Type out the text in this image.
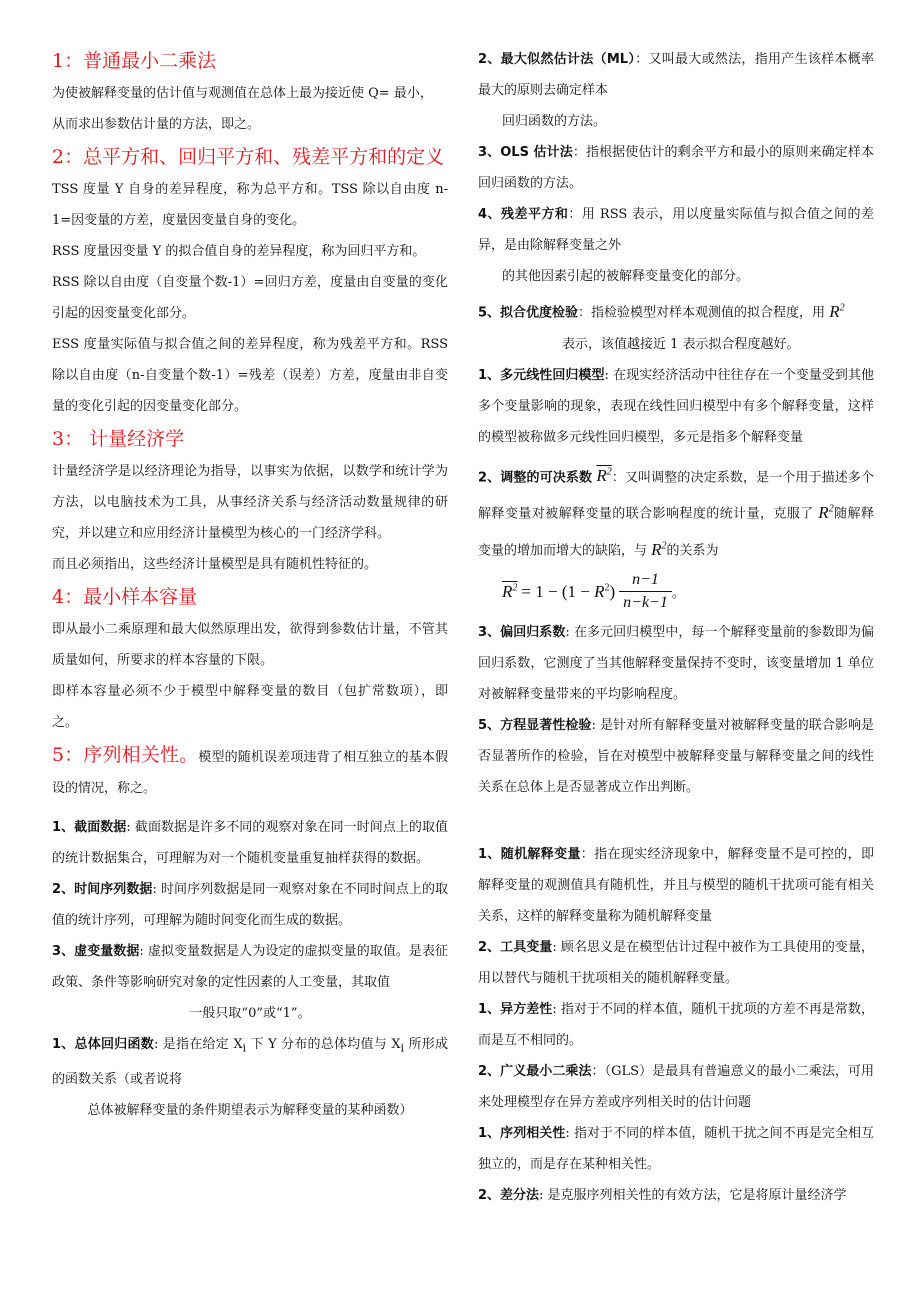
1：普通最小二乘法

为使被解释变量的估计值与观测值在总体上最为接近使 Q= 最小，

从而求出参数估计量的方法，即之。

2：总平方和、回归平方和、残差平方和的定义

TSS 度量 Y 自身的差异程度，称为总平方和。TSS 除以自由度 n-1=因变量的方差，度量因变量自身的变化。

RSS 度量因变量 Y 的拟合值自身的差异程度，称为回归平方和。

RSS 除以自由度（自变量个数-1）=回归方差，度量由自变量的变化引起的因变量变化部分。

ESS 度量实际值与拟合值之间的差异程度，称为残差平方和。RSS 除以自由度（n-自变量个数-1）=残差（误差）方差，度量由非自变量的变化引起的因变量变化部分。

3： 计量经济学

计量经济学是以经济理论为指导，以事实为依据，以数学和统计学为方法，以电脑技术为工具，从事经济关系与经济活动数量规律的研究，并以建立和应用经济计量模型为核心的一门经济学科。

而且必须指出，这些经济计量模型是具有随机性特征的。

4：最小样本容量

即从最小二乘原理和最大似然原理出发，欲得到参数估计量，不管其质量如何，所要求的样本容量的下限。

即样本容量必须不少于模型中解释变量的数目（包扩常数项），即之。

5：序列相关性。模型的随机误差项违背了相互独立的基本假设的情况，称之。

1、截面数据: 截面数据是许多不同的观察对象在同一时间点上的取值的统计数据集合，可理解为对一个随机变量重复抽样获得的数据。

2、时间序列数据: 时间序列数据是同一观察对象在不同时间点上的取值的统计序列，可理解为随时间变化而生成的数据。

3、虚变量数据: 虚拟变量数据是人为设定的虚拟变量的取值。是表征政策、条件等影响研究对象的定性因素的人工变量，其取值

一般只取“0”或“1”。

1、总体回归函数: 是指在给定 $X_i$ 下 Y 分布的总体均值与 $X_i$ 所形成的函数关系（或者说将

总体被解释变量的条件期望表示为解释变量的某种函数）

2、最大似然估计法（ML）：又叫最大或然法，指用产生该样本概率最大的原则去确定样本

回归函数的方法。

3、OLS 估计法：指根据使估计的剩余平方和最小的原则来确定样本回归函数的方法。

4、残差平方和：用 RSS 表示，用以度量实际值与拟合值之间的差异，是由除解释变量之外

的其他因素引起的被解释变量变化的部分。

5、拟合优度检验：指检验模型对样本观测值的拟合程度，用 $R^2$

表示，该值越接近 1 表示拟合程度越好。

1、多元线性回归模型: 在现实经济活动中往往存在一个变量受到其他多个变量影响的现象，表现在线性回归模型中有多个解释变量，这样的模型被称做多元线性回归模型，多元是指多个解释变量

2、调整的可决系数 $R^2$：又叫调整的决定系数，是一个用于描述多个解释变量对被解释变量的联合影响程度的统计量，克服了 $R^2$随解释变量的增加而增大的缺陷，与 $R^2$的关系为

$R^2 = 1 - (1 - R^2) \frac{n-1}{n-k-1}$ 。

3、偏回归系数: 在多元回归模型中，每一个解释变量前的参数即为偏回归系数，它测度了当其他解释变量保持不变时，该变量增加 1 单位对被解释变量带来的平均影响程度。

5、方程显著性检验: 是针对所有解释变量对被解释变量的联合影响是否显著所作的检验，旨在对模型中被解释变量与解释变量之间的线性关系在总体上是否显著成立作出判断。

1、随机解释变量：指在现实经济现象中，解释变量不是可控的，即解释变量的观测值具有随机性，并且与模型的随机干扰项可能有相关关系，这样的解释变量称为随机解释变量

2、工具变量: 顾名思义是在模型估计过程中被作为工具使用的变量，用以替代与随机干扰项相关的随机解释变量。

1、异方差性: 指对于不同的样本值，随机干扰项的方差不再是常数，而是互不相同的。

2、广义最小二乘法：（GLS）是最具有普遍意义的最小二乘法，可用来处理模型存在异方差或序列相关时的估计问题

1、序列相关性: 指对于不同的样本值，随机干扰之间不再是完全相互独立的，而是存在某种相关性。

2、差分法: 是克服序列相关性的有效方法，它是将原计量经济学
